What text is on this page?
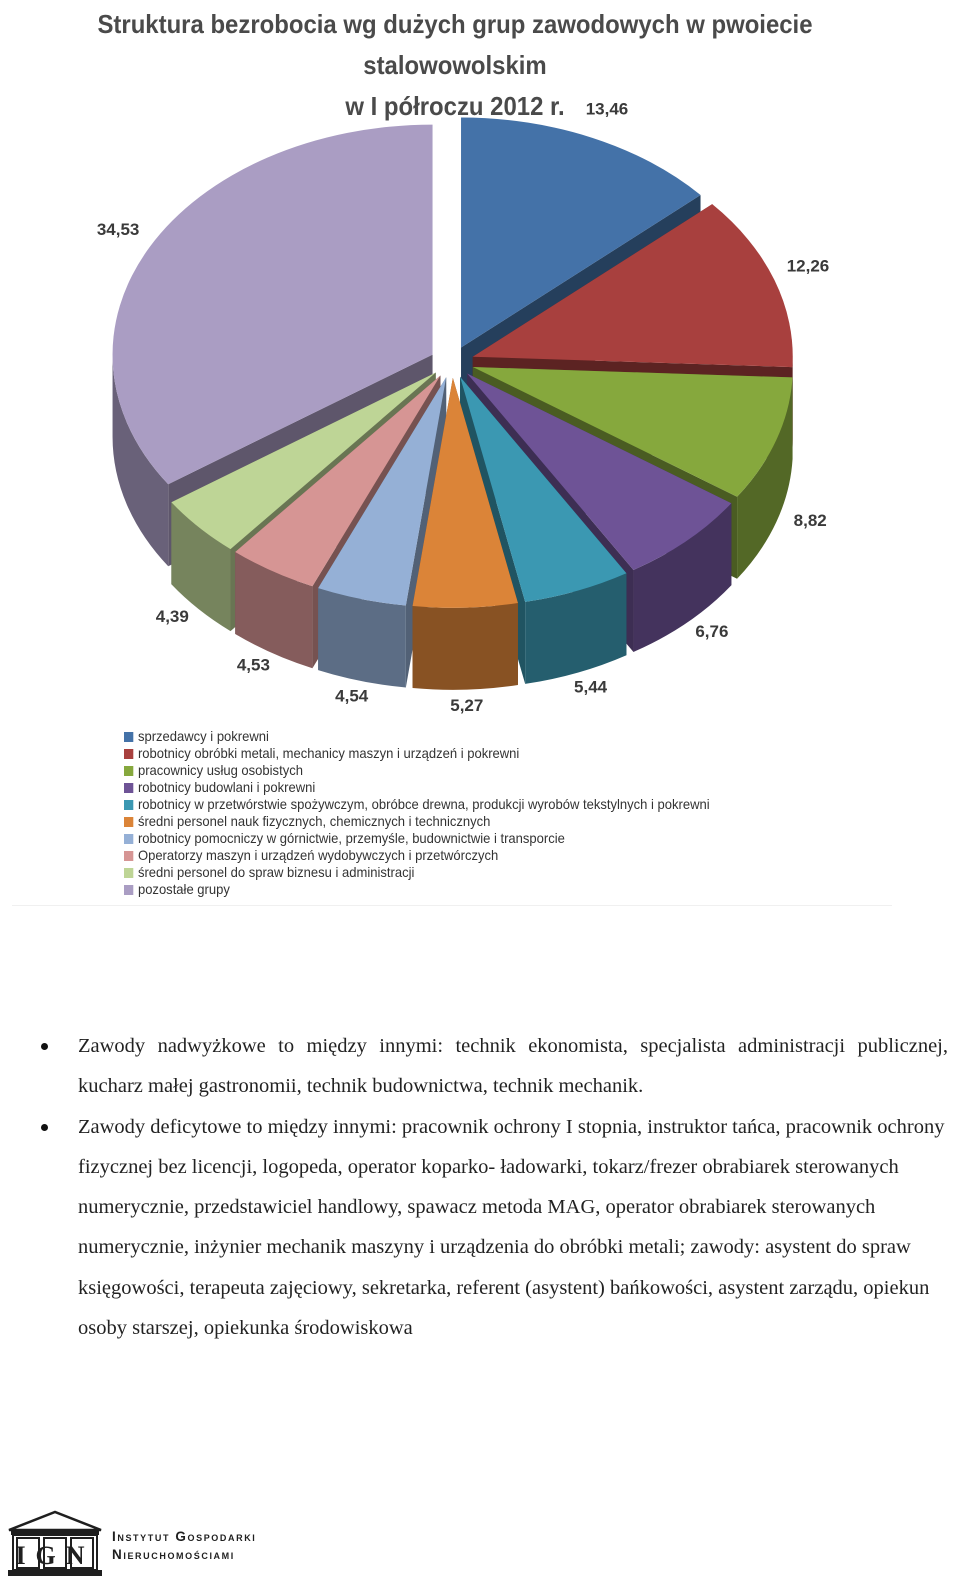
Struktura bezrobocia wg dużych grup zawodowych w pwoiecie stalowowolskim
w I półroczu 2012 r.	13,46
12,26
8,82
6,76
5,44
5,27
4,54
4,53
4,39
34,53
sprzedawcy i pokrewni
robotnicy obróbki metali, mechanicy maszyn i urządzeń i pokrewni
pracownicy usług osobistych
robotnicy budowlani i pokrewni
robotnicy w przetwórstwie spożywczym, obróbce drewna, produkcji wyrobów tekstylnych i pokrewni
średni personel nauk fizycznych, chemicznych i technicznych
robotnicy pomocniczy w górnictwie, przemyśle, budownictwie i transporcie
Operatorzy maszyn i urządzeń wydobywczych i przetwórczych
średni personel do spraw biznesu i administracji
pozostałe grupy
Zawody nadwyżkowe to między innymi: technik ekonomista, specjalista administracji publicznej, kucharz małej gastronomii, technik budownictwa, technik mechanik.
Zawody deficytowe to między innymi: pracownik ochrony I stopnia, instruktor tańca, pracownik ochrony fizycznej bez licencji, logopeda, operator koparko- ładowarki, tokarz/frezer obrabiarek sterowanych numerycznie, przedstawiciel handlowy, spawacz metoda MAG, operator obrabiarek sterowanych numerycznie, inżynier mechanik maszyny i urządzenia do obróbki metali; zawody: asystent do spraw księgowości, terapeuta zajęciowy, sekretarka, referent (asystent) bańkowości, asystent zarządu, opiekun osoby starszej, opiekunka środowiskowa
IGN
Instytut Gospodarki
Nieruchomościami
